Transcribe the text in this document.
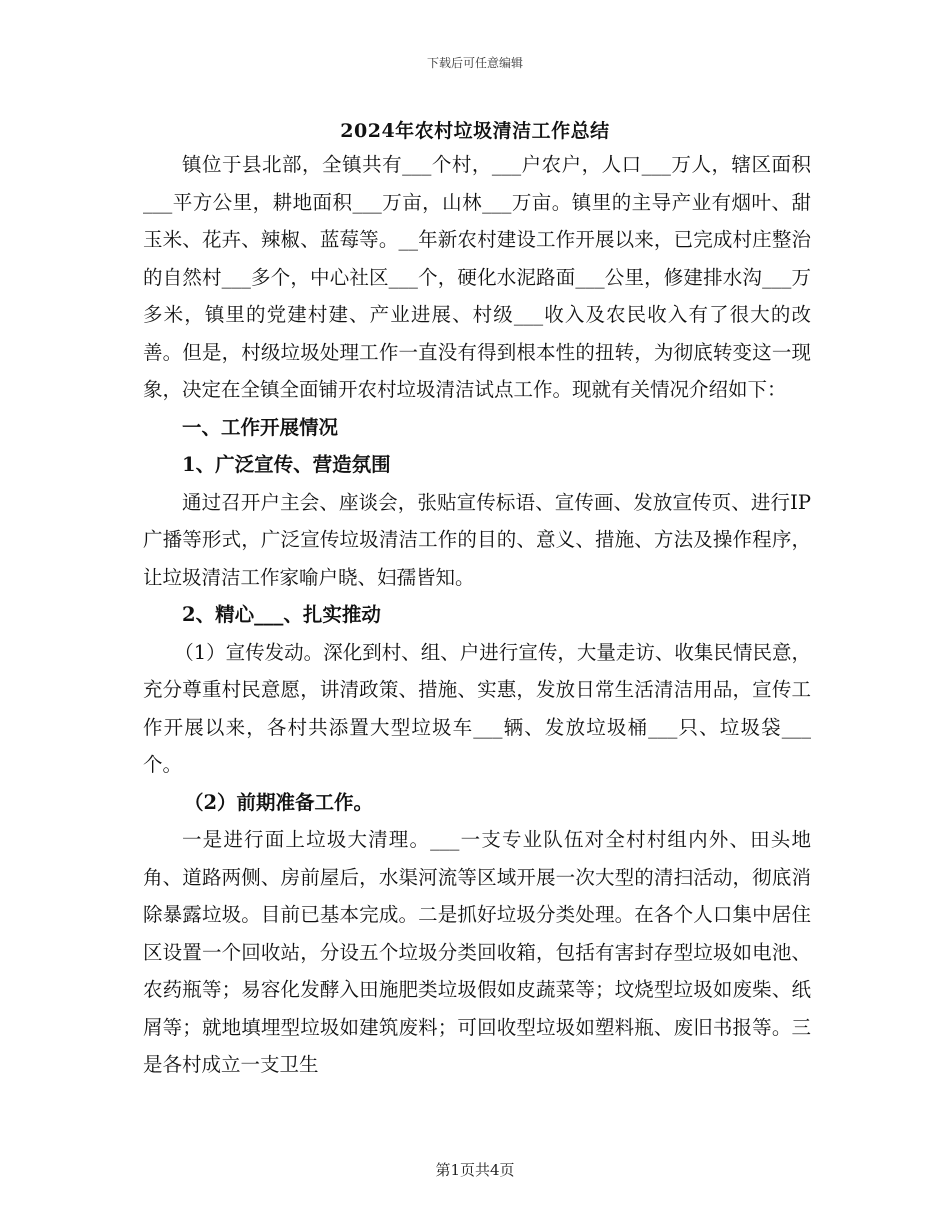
下载后可任意编辑
2024年农村垃圾清洁工作总结

镇位于县北部，全镇共有___个村，___户农户，人口___万人，辖区面积___平方公里，耕地面积___万亩，山林___万亩。镇里的主导产业有烟叶、甜玉米、花卉、辣椒、蓝莓等。__年新农村建设工作开展以来，已完成村庄整治的自然村___多个，中心社区___个，硬化水泥路面___公里，修建排水沟___万多米，镇里的党建村建、产业进展、村级___收入及农民收入有了很大的改善。但是，村级垃圾处理工作一直没有得到根本性的扭转，为彻底转变这一现象，决定在全镇全面铺开农村垃圾清洁试点工作。现就有关情况介绍如下：

一、工作开展情况

1、广泛宣传、营造氛围

通过召开户主会、座谈会，张贴宣传标语、宣传画、发放宣传页、进行IP广播等形式，广泛宣传垃圾清洁工作的目的、意义、措施、方法及操作程序，让垃圾清洁工作家喻户晓、妇孺皆知。

2、精心___、扎实推动

（1）宣传发动。深化到村、组、户进行宣传，大量走访、收集民情民意，充分尊重村民意愿，讲清政策、措施、实惠，发放日常生活清洁用品，宣传工作开展以来，各村共添置大型垃圾车___辆、发放垃圾桶___只、垃圾袋___个。

（2）前期准备工作。

一是进行面上垃圾大清理。___一支专业队伍对全村村组内外、田头地角、道路两侧、房前屋后，水渠河流等区域开展一次大型的清扫活动，彻底消除暴露垃圾。目前已基本完成。二是抓好垃圾分类处理。在各个人口集中居住区设置一个回收站，分设五个垃圾分类回收箱，包括有害封存型垃圾如电池、农药瓶等；易容化发酵入田施肥类垃圾假如皮蔬菜等；坟烧型垃圾如废柴、纸屑等；就地填埋型垃圾如建筑废料；可回收型垃圾如塑料瓶、废旧书报等。三是各村成立一支卫生

第1页共4页
